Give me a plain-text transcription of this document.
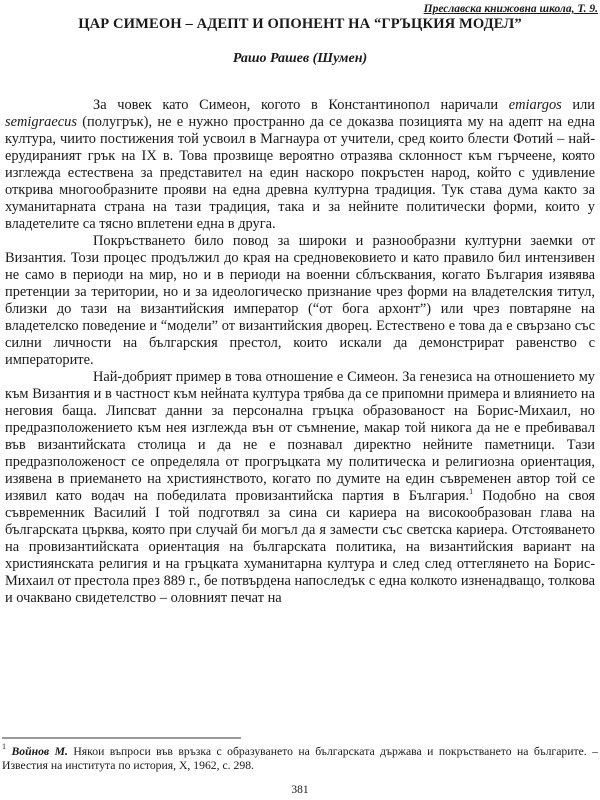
Преславска книжовна школа, Т. 9.
ЦАР СИМЕОН – АДЕПТ И ОПОНЕНТ НА “ГРЪЦКИЯ МОДЕЛ”
Рашо Рашев (Шумен)

За човек като Симеон, когото в Константинопол наричали emiargos или semigraecus (полугрък), не е нужно пространно да се доказва позицията му на адепт на една култура, чиито постижения той усвоил в Магнаура от учители, сред които блести Фотий – най-ерудираният грък на IX в. Това прозвище вероятно отразява склонност към гърчеене, която изглежда естествена за представител на един наскоро покръстен народ, който с удивление открива многообразните прояви на една древна културна традиция. Тук става дума както за хуманитарната страна на тази традиция, така и за нейните политически форми, които у владетелите са тясно вплетени една в друга.

Покръстването било повод за широки и разнообразни културни заемки от Византия. Този процес продължил до края на средновековието и като правило бил интензивен не само в периоди на мир, но и в периоди на военни сблъсквания, когато България изявява претенции за територии, но и за идеологическо признание чрез форми на владетелския титул, близки до тази на византийския император (“от бога архонт”) или чрез повтаряне на владетелско поведение и “модели” от византийския дворец. Естествено е това да е свързано със силни личности на българския престол, които искали да демонстрират равенство с императорите.

Най-добрият пример в това отношение е Симеон. За генезиса на отношението му към Византия и в частност към нейната култура трябва да се припомни примера и влиянието на неговия баща. Липсват данни за персонална гръцка образованост на Борис-Михаил, но предразположението към нея изглежда вън от съмнение, макар той никога да не е пребивавал във византийската столица и да не е познавал директно нейните паметници. Тази предразположеност се определяла от прогръцката му политическа и религиозна ориентация, изявена в приемането на християнството, когато по думите на един съвременен автор той се изявил като водач на победилата провизантийска партия в България.$^1$ Подобно на своя съвременник Василий I той подготвял за сина си кариера на високообразован глава на българската църква, която при случай би могъл да я замести със светска кариера. Отстояването на провизантийската ориентация на българската политика, на византийския вариант на християнската религия и на гръцката хуманитарна култура и след след оттеглянето на Борис-Михаил от престола през 889 г., бе потвърдена напоследък с една колкото изненадващо, толкова и очаквано свидетелство – оловният печат на

$^1$ Войнов М. Някои въпроси във връзка с образуването на българската държава и покръстването на българите. – Известия на института по история, X, 1962, с. 298.
381
